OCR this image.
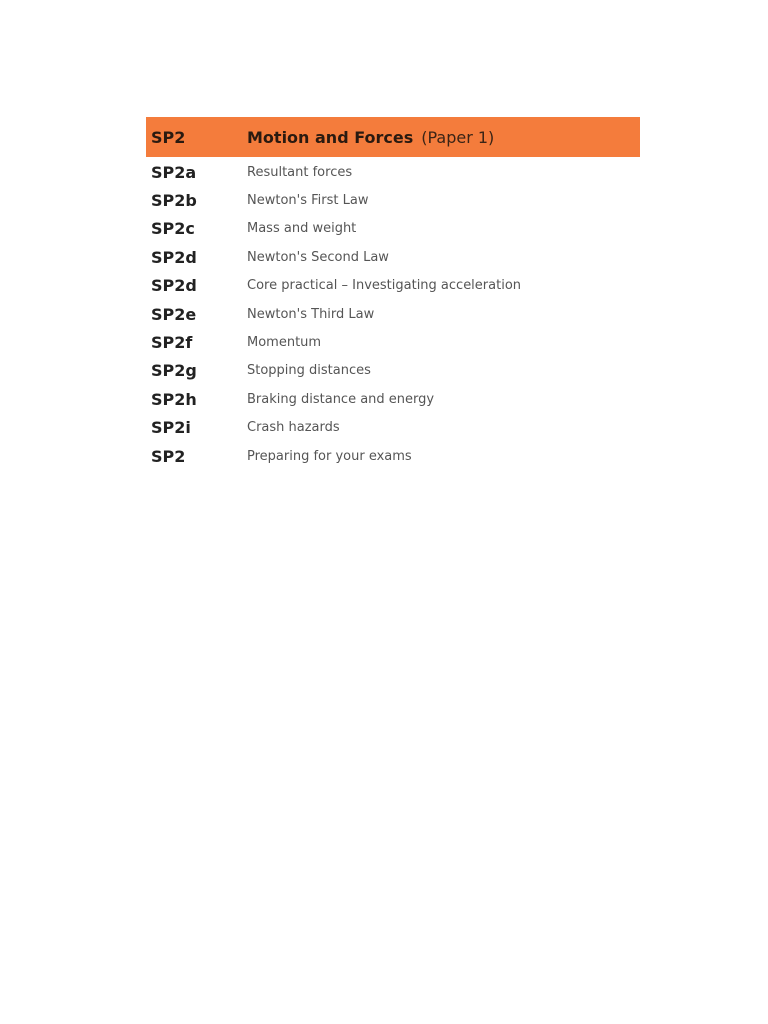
SP2	Motion and Forces (Paper 1)
SP2a	Resultant forces
SP2b	Newton's First Law
SP2c	Mass and weight
SP2d	Newton's Second Law
SP2d	Core practical – Investigating acceleration
SP2e	Newton's Third Law
SP2f	Momentum
SP2g	Stopping distances
SP2h	Braking distance and energy
SP2i	Crash hazards
SP2	Preparing for your exams
